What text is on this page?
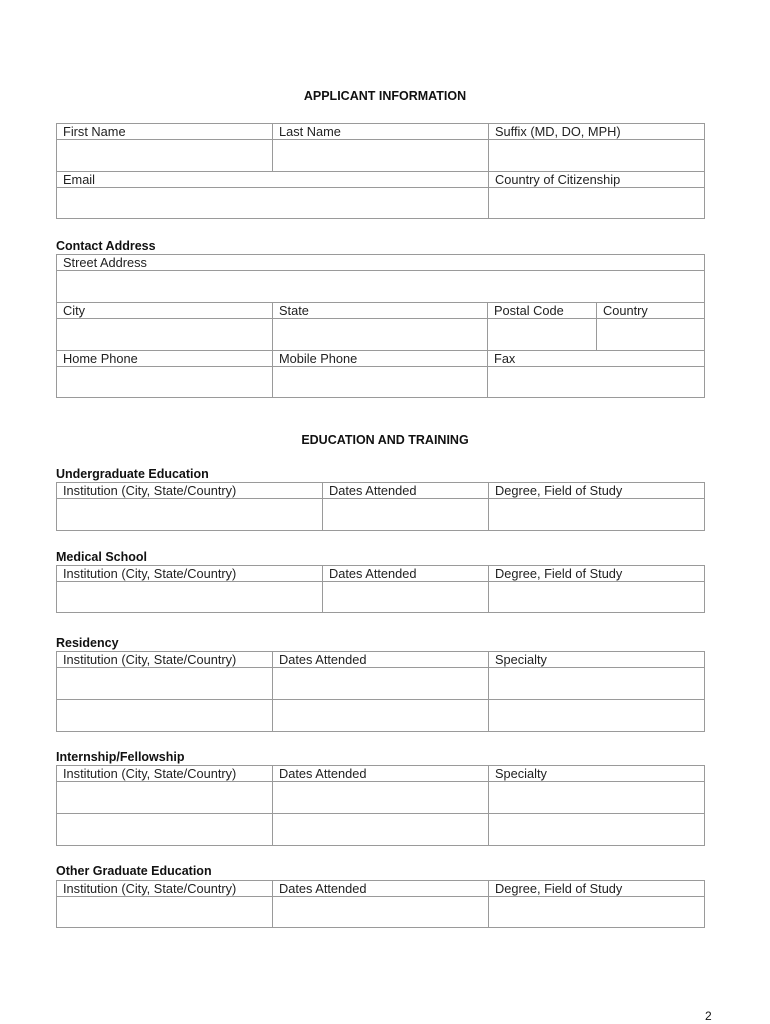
APPLICANT INFORMATION
First Name	Last Name	Suffix (MD, DO, MPH)
Email	Country of Citizenship
Contact Address
Street Address
City	State	Postal Code	Country
Home Phone	Mobile Phone	Fax
EDUCATION AND TRAINING
Undergraduate Education
Institution (City, State/Country)	Dates Attended	Degree, Field of Study
Medical School
Institution (City, State/Country)	Dates Attended	Degree, Field of Study
Residency
Institution (City, State/Country)	Dates Attended	Specialty
Internship/Fellowship
Institution (City, State/Country)	Dates Attended	Specialty
Other Graduate Education
Institution (City, State/Country)	Dates Attended	Degree, Field of Study
2
